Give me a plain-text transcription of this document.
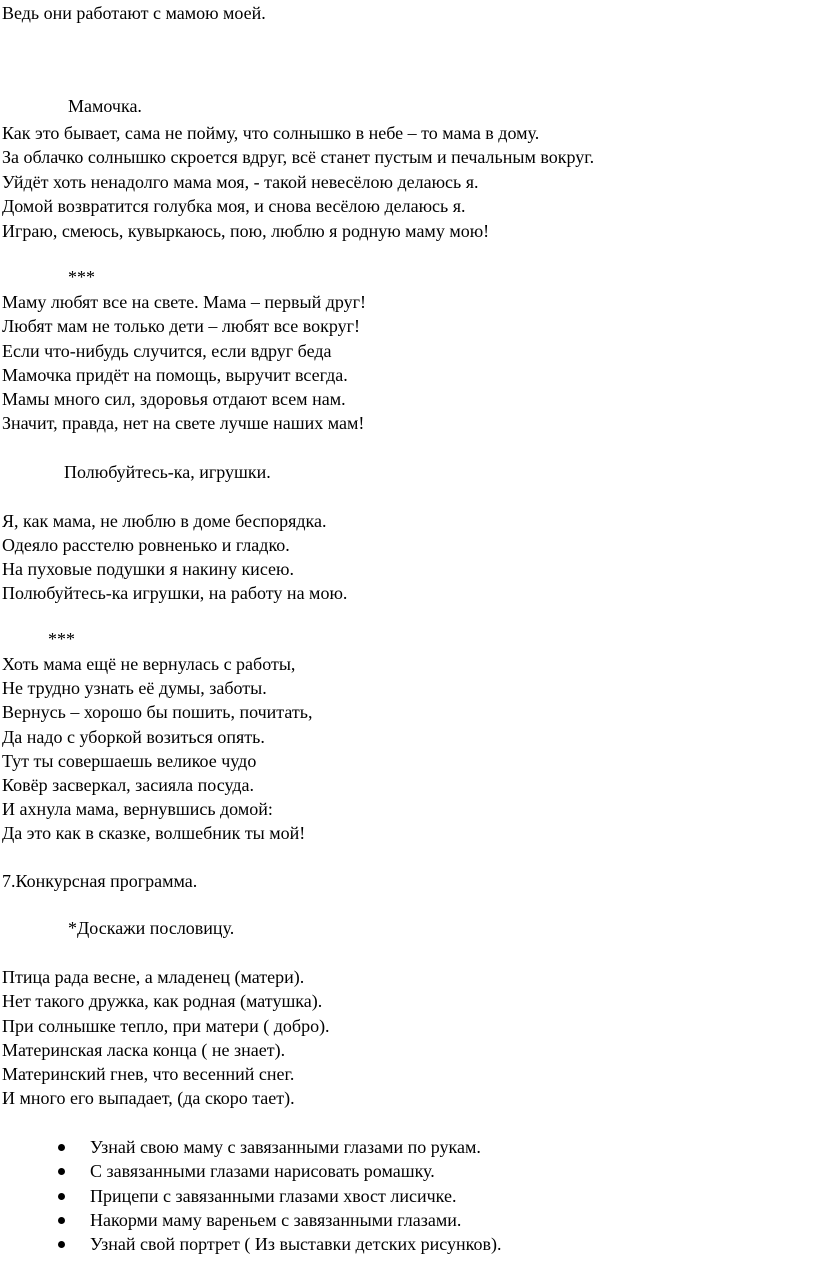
Ведь они работают с мамою моей.
Мамочка.
Как это бывает, сама не пойму, что солнышко в небе – то мама в дому.
За облачко солнышко скроется вдруг, всё станет пустым и печальным вокруг.
Уйдёт хоть ненадолго мама моя, - такой невесёлою делаюсь я.
Домой возвратится голубка моя, и снова весёлою делаюсь я.
Играю, смеюсь, кувыркаюсь, пою, люблю я родную маму мою!
***
Маму любят все на свете. Мама – первый друг!
Любят мам не только дети – любят все вокруг!
Если что-нибудь случится, если вдруг беда
Мамочка придёт на помощь, выручит всегда.
Мамы много сил, здоровья отдают всем нам.
Значит, правда, нет на свете лучше наших мам!
Полюбуйтесь-ка, игрушки.
Я, как мама, не люблю в доме беспорядка.
Одеяло расстелю ровненько и гладко.
На пуховые подушки я накину кисею.
Полюбуйтесь-ка игрушки, на работу на мою.
***
Хоть мама ещё не вернулась с работы,
Не трудно узнать её думы, заботы.
Вернусь – хорошо бы пошить, почитать,
Да надо с уборкой возиться опять.
Тут ты совершаешь великое чудо
Ковёр засверкал, засияла посуда.
И ахнула мама, вернувшись домой:
Да это как в сказке, волшебник ты мой!
7.Конкурсная программа.
*Доскажи пословицу.
Птица рада весне, а младенец (матери).
Нет такого дружка, как родная (матушка).
При солнышке тепло, при матери ( добро).
Материнская ласка конца ( не знает).
Материнский гнев, что весенний снег.
И много его выпадает, (да скоро тает).
Узнай свою маму с завязанными глазами по рукам.
С завязанными глазами нарисовать ромашку.
Прицепи с завязанными глазами хвост лисичке.
Накорми маму вареньем с завязанными глазами.
Узнай свой портрет ( Из выставки детских рисунков).
